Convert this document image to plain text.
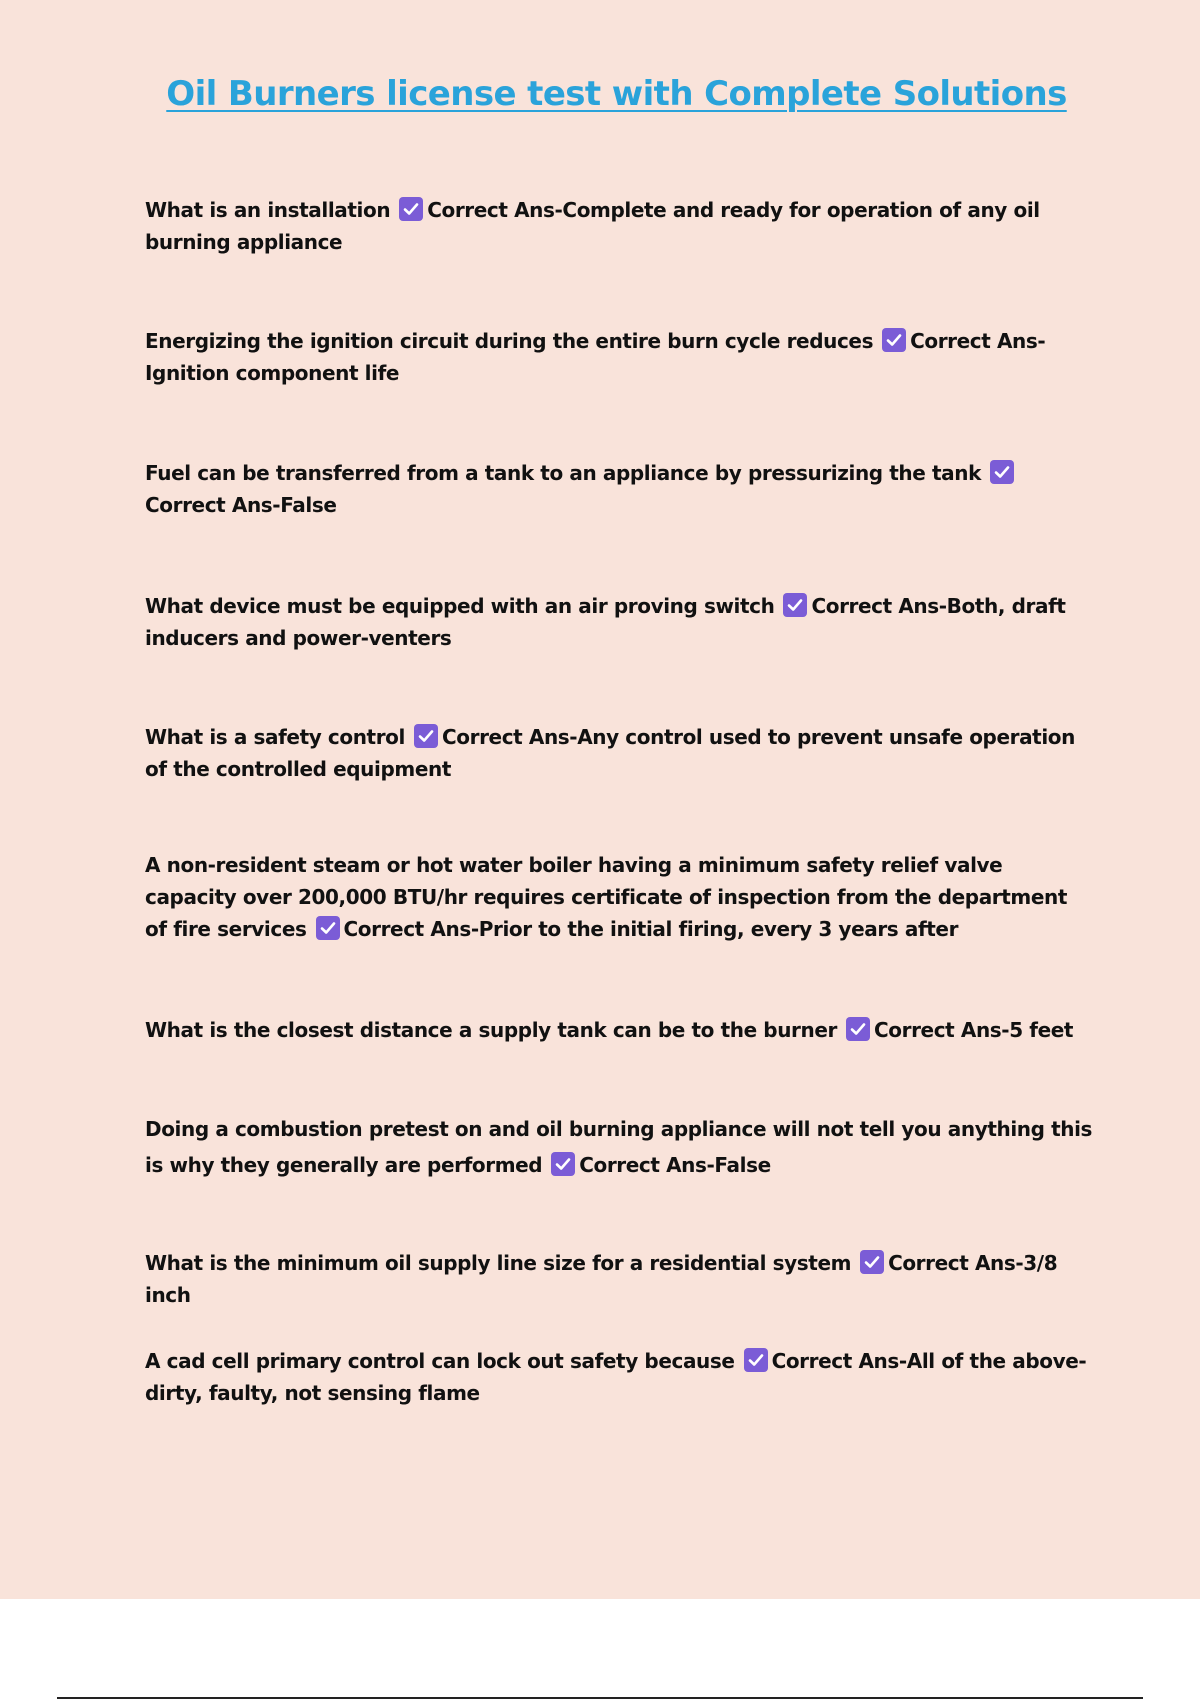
Oil Burners license test with Complete Solutions
What is an installation Correct Ans-Complete and ready for operation of any oil burning appliance
Energizing the ignition circuit during the entire burn cycle reduces Correct Ans-Ignition component life
Fuel can be transferred from a tank to an appliance by pressurizing the tank
Correct Ans-False
What device must be equipped with an air proving switch Correct Ans-Both, draft inducers and power-venters
What is a safety control Correct Ans-Any control used to prevent unsafe operation of the controlled equipment
A non-resident steam or hot water boiler having a minimum safety relief valve capacity over 200,000 BTU/hr requires certificate of inspection from the department of fire services Correct Ans-Prior to the initial firing, every 3 years after
What is the closest distance a supply tank can be to the burner Correct Ans-5 feet
Doing a combustion pretest on and oil burning appliance will not tell you anything this is why they generally are performed Correct Ans-False
What is the minimum oil supply line size for a residential system Correct Ans-3/8 inch
A cad cell primary control can lock out safety because Correct Ans-All of the above- dirty, faulty, not sensing flame
